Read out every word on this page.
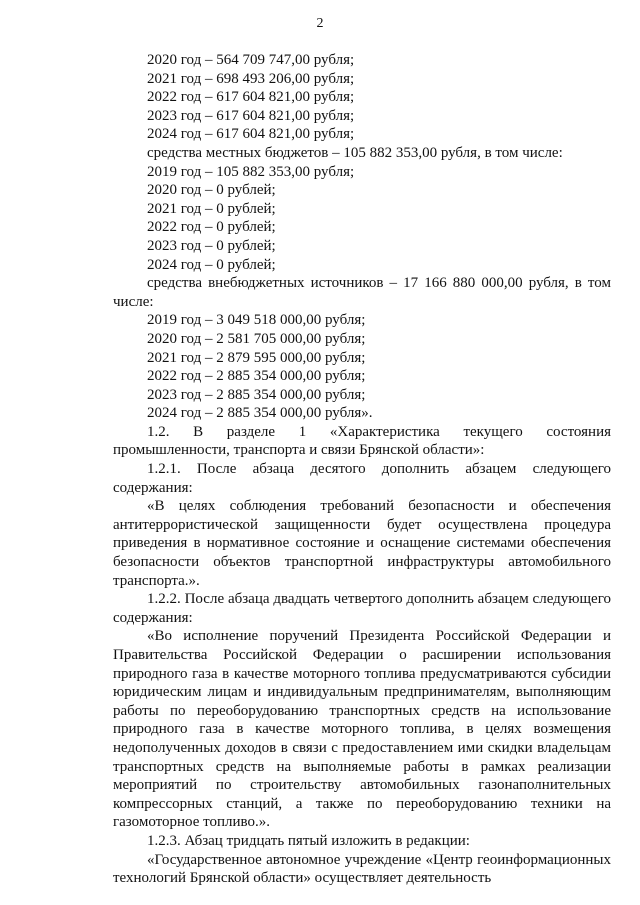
2
2020 год – 564 709 747,00 рубля;
2021 год – 698 493 206,00 рубля;
2022 год – 617 604 821,00 рубля;
2023 год – 617 604 821,00 рубля;
2024 год – 617 604 821,00 рубля;
средства местных бюджетов – 105 882 353,00 рубля, в том числе:
2019 год – 105 882 353,00 рубля;
2020 год – 0 рублей;
2021 год – 0 рублей;
2022 год – 0 рублей;
2023 год – 0 рублей;
2024 год – 0 рублей;
средства внебюджетных источников – 17 166 880 000,00 рубля, в том числе:
2019 год – 3 049 518 000,00 рубля;
2020 год – 2 581 705 000,00 рубля;
2021 год – 2 879 595 000,00 рубля;
2022 год – 2 885 354 000,00 рубля;
2023 год – 2 885 354 000,00 рубля;
2024 год – 2 885 354 000,00 рубля».
1.2. В разделе 1 «Характеристика текущего состояния промышленности, транспорта и связи Брянской области»:
1.2.1. После абзаца десятого дополнить абзацем следующего содержания:
«В целях соблюдения требований безопасности и обеспечения антитеррористической защищенности будет осуществлена процедура приведения в нормативное состояние и оснащение системами обеспечения безопасности объектов транспортной инфраструктуры автомобильного транспорта.».
1.2.2. После абзаца двадцать четвертого дополнить абзацем следующего содержания:
«Во исполнение поручений Президента Российской Федерации и Правительства Российской Федерации о расширении использования природного газа в качестве моторного топлива предусматриваются субсидии юридическим лицам и индивидуальным предпринимателям, выполняющим работы по переоборудованию транспортных средств на использование природного газа в качестве моторного топлива, в целях возмещения недополученных доходов в связи с предоставлением ими скидки владельцам транспортных средств на выполняемые работы в рамках реализации мероприятий по строительству автомобильных газонаполнительных компрессорных станций, а также по переоборудованию техники на газомоторное топливо.».
1.2.3. Абзац тридцать пятый изложить в редакции:
«Государственное автономное учреждение «Центр геоинформационных технологий Брянской области» осуществляет деятельность
